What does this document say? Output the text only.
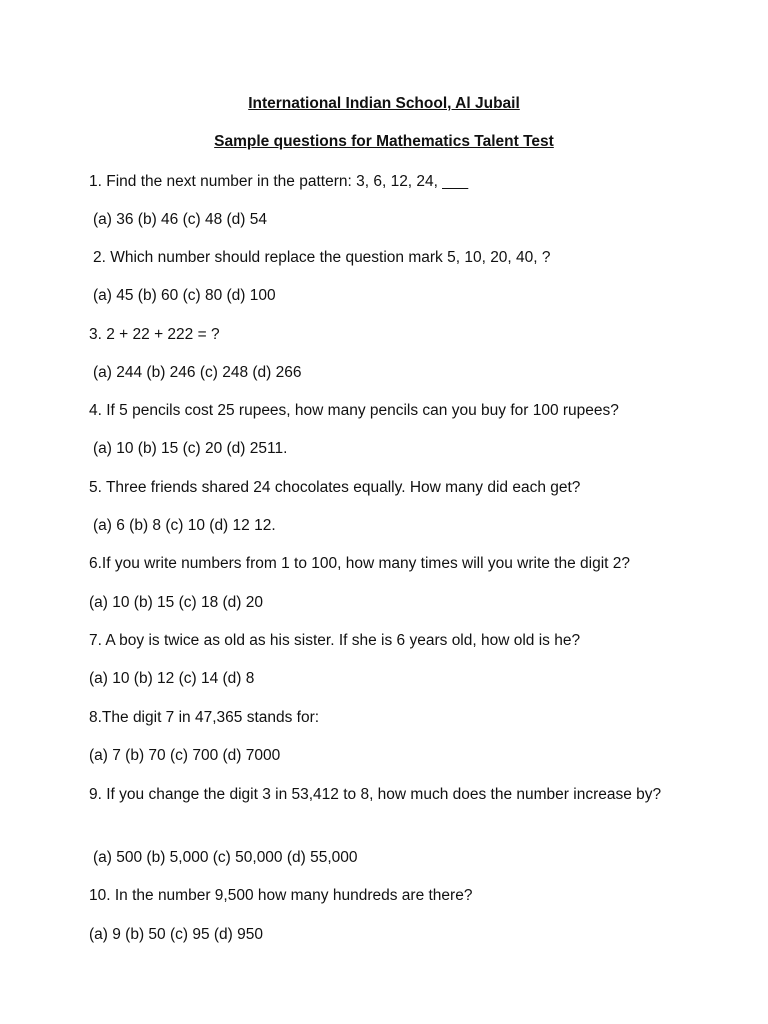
International Indian School, Al Jubail
Sample questions for Mathematics Talent Test
1. Find the next number in the pattern: 3, 6, 12, 24, ___
(a) 36 (b) 46 (c) 48 (d) 54
2. Which number should replace the question mark 5, 10, 20, 40, ?
(a) 45 (b) 60 (c) 80 (d) 100
3. 2 + 22 + 222 = ?
(a) 244 (b) 246 (c) 248 (d) 266
4. If 5 pencils cost 25 rupees, how many pencils can you buy for 100 rupees?
(a) 10 (b) 15 (c) 20 (d) 2511.
5. Three friends shared 24 chocolates equally. How many did each get?
(a) 6 (b) 8 (c) 10 (d) 12 12.
6.If you write numbers from 1 to 100, how many times will you write the digit 2?
(a) 10 (b) 15 (c) 18 (d) 20
7. A boy is twice as old as his sister. If she is 6 years old, how old is he?
(a) 10 (b) 12 (c) 14 (d) 8
8.The digit 7 in 47,365 stands for:
(a) 7 (b) 70 (c) 700 (d) 7000
9. If you change the digit 3 in 53,412 to 8, how much does the number increase by?
(a) 500 (b) 5,000 (c) 50,000 (d) 55,000
10. In the number 9,500 how many hundreds are there?
(a) 9 (b) 50 (c) 95 (d) 950
